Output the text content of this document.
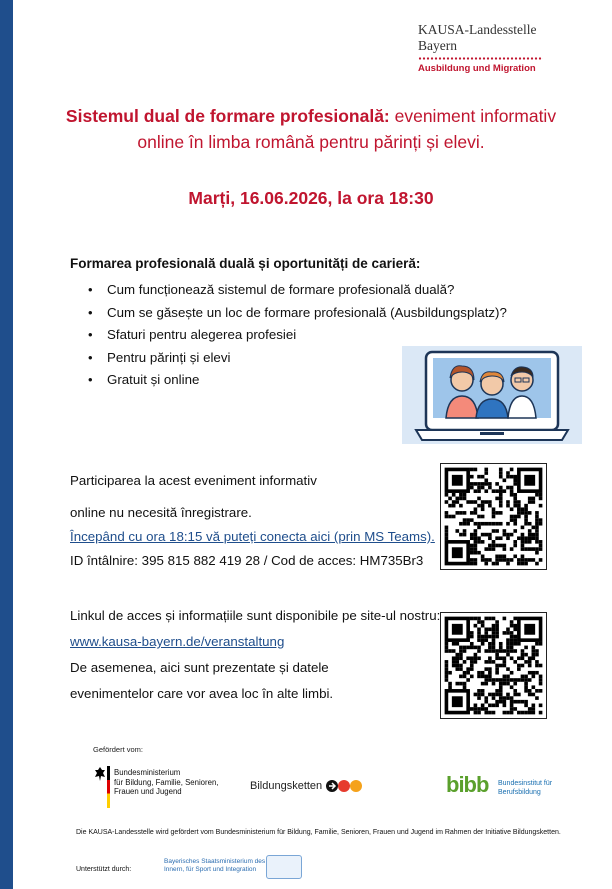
KAUSA-Landesstelle
Bayern
Ausbildung und Migration
Sistemul dual de formare profesională: eveniment informativ
online în limba română pentru părinți și elevi.
Marți, 16.06.2026, la ora 18:30
Formarea profesională duală și oportunități de carieră:
• Cum funcționează sistemul de formare profesională duală?
• Cum se găsește un loc de formare profesională (Ausbildungsplatz)?
• Sfaturi pentru alegerea profesiei
• Pentru părinți și elevi
• Gratuit și online
Participarea la acest eveniment informativ
online nu necesită înregistrare.
Începând cu ora 18:15 vă puteți conecta aici (prin MS Teams).
ID întâlnire: 395 815 882 419 28 / Cod de acces: HM735Br3
Linkul de acces și informațiile sunt disponibile pe site-ul nostru:
www.kausa-bayern.de/veranstaltung
De asemenea, aici sunt prezentate și datele
evenimentelor care vor avea loc în alte limbi.
Gefördert vom:
Bundesministerium
für Bildung, Familie, Senioren,
Frauen und Jugend	Bildungsketten	bibb Bundesinstitut für
Berufsbildung
Die KAUSA-Landesstelle wird gefördert vom Bundesministerium für Bildung, Familie, Senioren, Frauen und Jugend im Rahmen der Initiative Bildungsketten.
Unterstützt durch:
Bayerisches Staatsministerium des
Innern, für Sport und Integration
